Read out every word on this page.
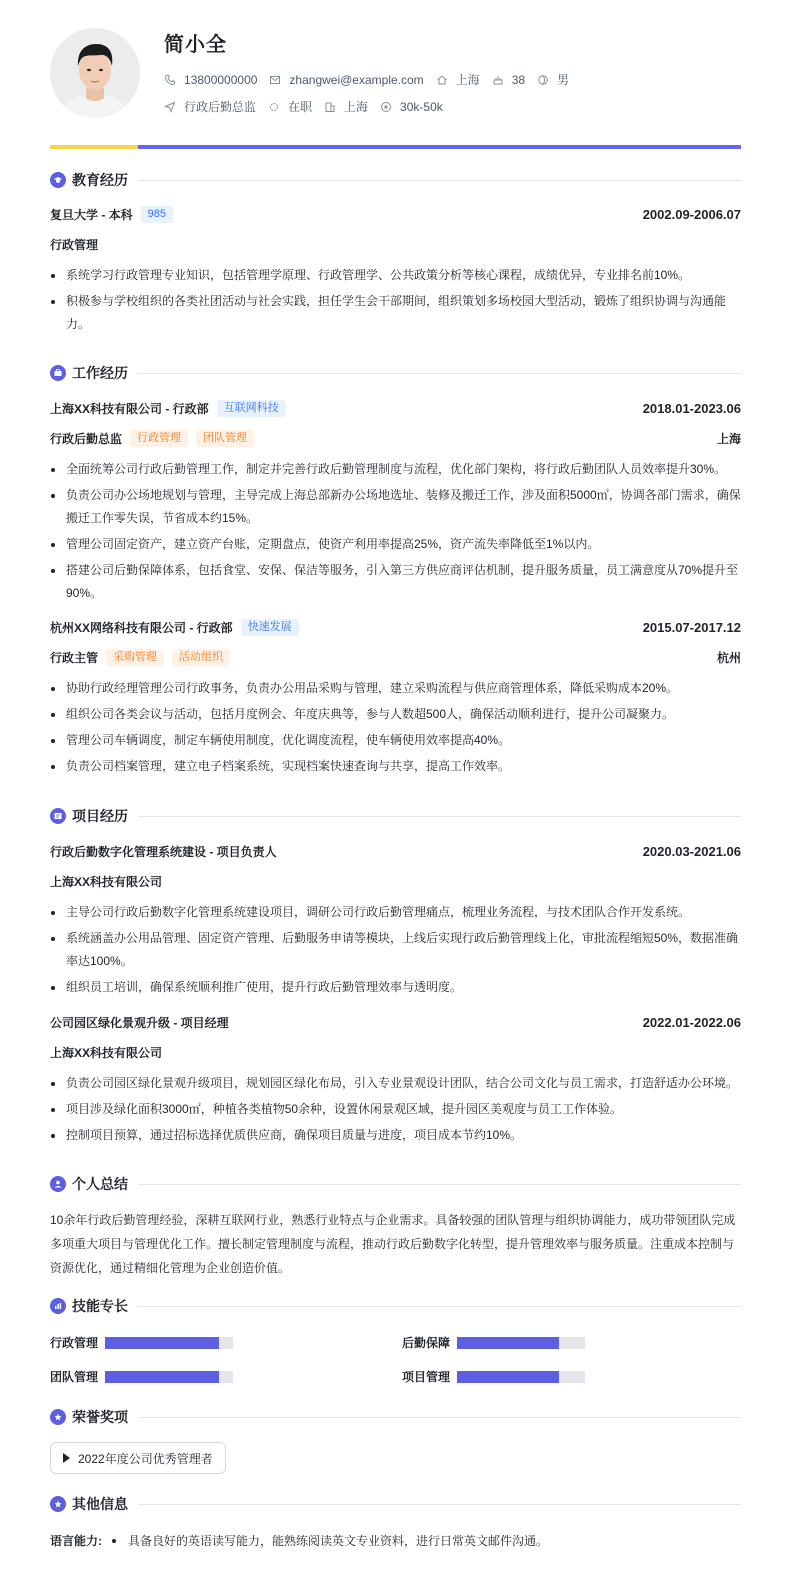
简小全
13800000000	zhangwei@example.com	上海	38	男
行政后勤总监	在职	上海	30k-50k
教育经历
复旦大学 - 本科	985	2002.09-2006.07
行政管理
系统学习行政管理专业知识，包括管理学原理、行政管理学、公共政策分析等核心课程，成绩优异，专业排名前10%。
积极参与学校组织的各类社团活动与社会实践，担任学生会干部期间，组织策划多场校园大型活动，锻炼了组织协调与沟通能力。
工作经历
上海XX科技有限公司 - 行政部	互联网科技	2018.01-2023.06
行政后勤总监	行政管理	团队管理	上海
全面统筹公司行政后勤管理工作，制定并完善行政后勤管理制度与流程，优化部门架构，将行政后勤团队人员效率提升30%。
负责公司办公场地规划与管理，主导完成上海总部新办公场地选址、装修及搬迁工作，涉及面积5000㎡，协调各部门需求，确保搬迁工作零失误，节省成本约15%。
管理公司固定资产，建立资产台账，定期盘点，使资产利用率提高25%，资产流失率降低至1%以内。
搭建公司后勤保障体系，包括食堂、安保、保洁等服务，引入第三方供应商评估机制，提升服务质量，员工满意度从70%提升至90%。
杭州XX网络科技有限公司 - 行政部	快速发展	2015.07-2017.12
行政主管	采购管理	活动组织	杭州
协助行政经理管理公司行政事务，负责办公用品采购与管理，建立采购流程与供应商管理体系，降低采购成本20%。
组织公司各类会议与活动，包括月度例会、年度庆典等，参与人数超500人，确保活动顺利进行，提升公司凝聚力。
管理公司车辆调度，制定车辆使用制度，优化调度流程，使车辆使用效率提高40%。
负责公司档案管理，建立电子档案系统，实现档案快速查询与共享，提高工作效率。
项目经历
行政后勤数字化管理系统建设 - 项目负责人	2020.03-2021.06
上海XX科技有限公司
主导公司行政后勤数字化管理系统建设项目，调研公司行政后勤管理痛点，梳理业务流程，与技术团队合作开发系统。
系统涵盖办公用品管理、固定资产管理、后勤服务申请等模块，上线后实现行政后勤管理线上化，审批流程缩短50%，数据准确率达100%。
组织员工培训，确保系统顺利推广使用，提升行政后勤管理效率与透明度。
公司园区绿化景观升级 - 项目经理	2022.01-2022.06
上海XX科技有限公司
负责公司园区绿化景观升级项目，规划园区绿化布局，引入专业景观设计团队，结合公司文化与员工需求，打造舒适办公环境。
项目涉及绿化面积3000㎡，种植各类植物50余种，设置休闲景观区域，提升园区美观度与员工工作体验。
控制项目预算，通过招标选择优质供应商，确保项目质量与进度，项目成本节约10%。
个人总结
10余年行政后勤管理经验，深耕互联网行业，熟悉行业特点与企业需求。具备较强的团队管理与组织协调能力，成功带领团队完成多项重大项目与管理优化工作。擅长制定管理制度与流程，推动行政后勤数字化转型，提升管理效率与服务质量。注重成本控制与资源优化，通过精细化管理为企业创造价值。
技能专长
行政管理	后勤保障
团队管理	项目管理
荣誉奖项
2022年度公司优秀管理者
其他信息
语言能力: 具备良好的英语读写能力，能熟练阅读英文专业资料，进行日常英文邮件沟通。
